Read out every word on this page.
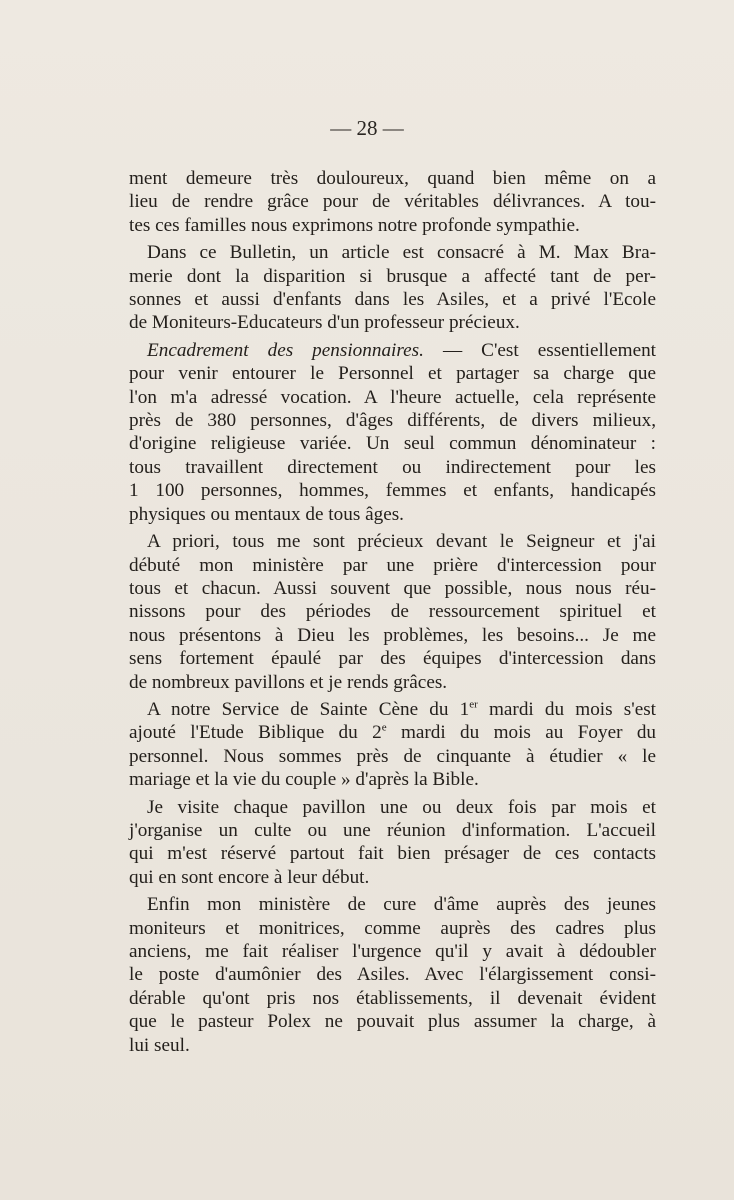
— 28 —
ment demeure très douloureux, quand bien même on a
lieu de rendre grâce pour de véritables délivrances. A tou-
tes ces familles nous exprimons notre profonde sympathie.
Dans ce Bulletin, un article est consacré à M. Max Bra-
merie dont la disparition si brusque a affecté tant de per-
sonnes et aussi d'enfants dans les Asiles, et a privé l'Ecole
de Moniteurs-Educateurs d'un professeur précieux.
Encadrement des pensionnaires. — C'est essentiellement
pour venir entourer le Personnel et partager sa charge que
l'on m'a adressé vocation. A l'heure actuelle, cela représente
près de 380 personnes, d'âges différents, de divers milieux,
d'origine religieuse variée. Un seul commun dénominateur :
tous travaillent directement ou indirectement pour les
1 100 personnes, hommes, femmes et enfants, handicapés
physiques ou mentaux de tous âges.
A priori, tous me sont précieux devant le Seigneur et j'ai
débuté mon ministère par une prière d'intercession pour
tous et chacun. Aussi souvent que possible, nous nous réu-
nissons pour des périodes de ressourcement spirituel et
nous présentons à Dieu les problèmes, les besoins... Je me
sens fortement épaulé par des équipes d'intercession dans
de nombreux pavillons et je rends grâces.
A notre Service de Sainte Cène du 1er mardi du mois s'est
ajouté l'Etude Biblique du 2e mardi du mois au Foyer du
personnel. Nous sommes près de cinquante à étudier « le
mariage et la vie du couple » d'après la Bible.
Je visite chaque pavillon une ou deux fois par mois et
j'organise un culte ou une réunion d'information. L'accueil
qui m'est réservé partout fait bien présager de ces contacts
qui en sont encore à leur début.
Enfin mon ministère de cure d'âme auprès des jeunes
moniteurs et monitrices, comme auprès des cadres plus
anciens, me fait réaliser l'urgence qu'il y avait à dédoubler
le poste d'aumônier des Asiles. Avec l'élargissement consi-
dérable qu'ont pris nos établissements, il devenait évident
que le pasteur Polex ne pouvait plus assumer la charge, à
lui seul.
